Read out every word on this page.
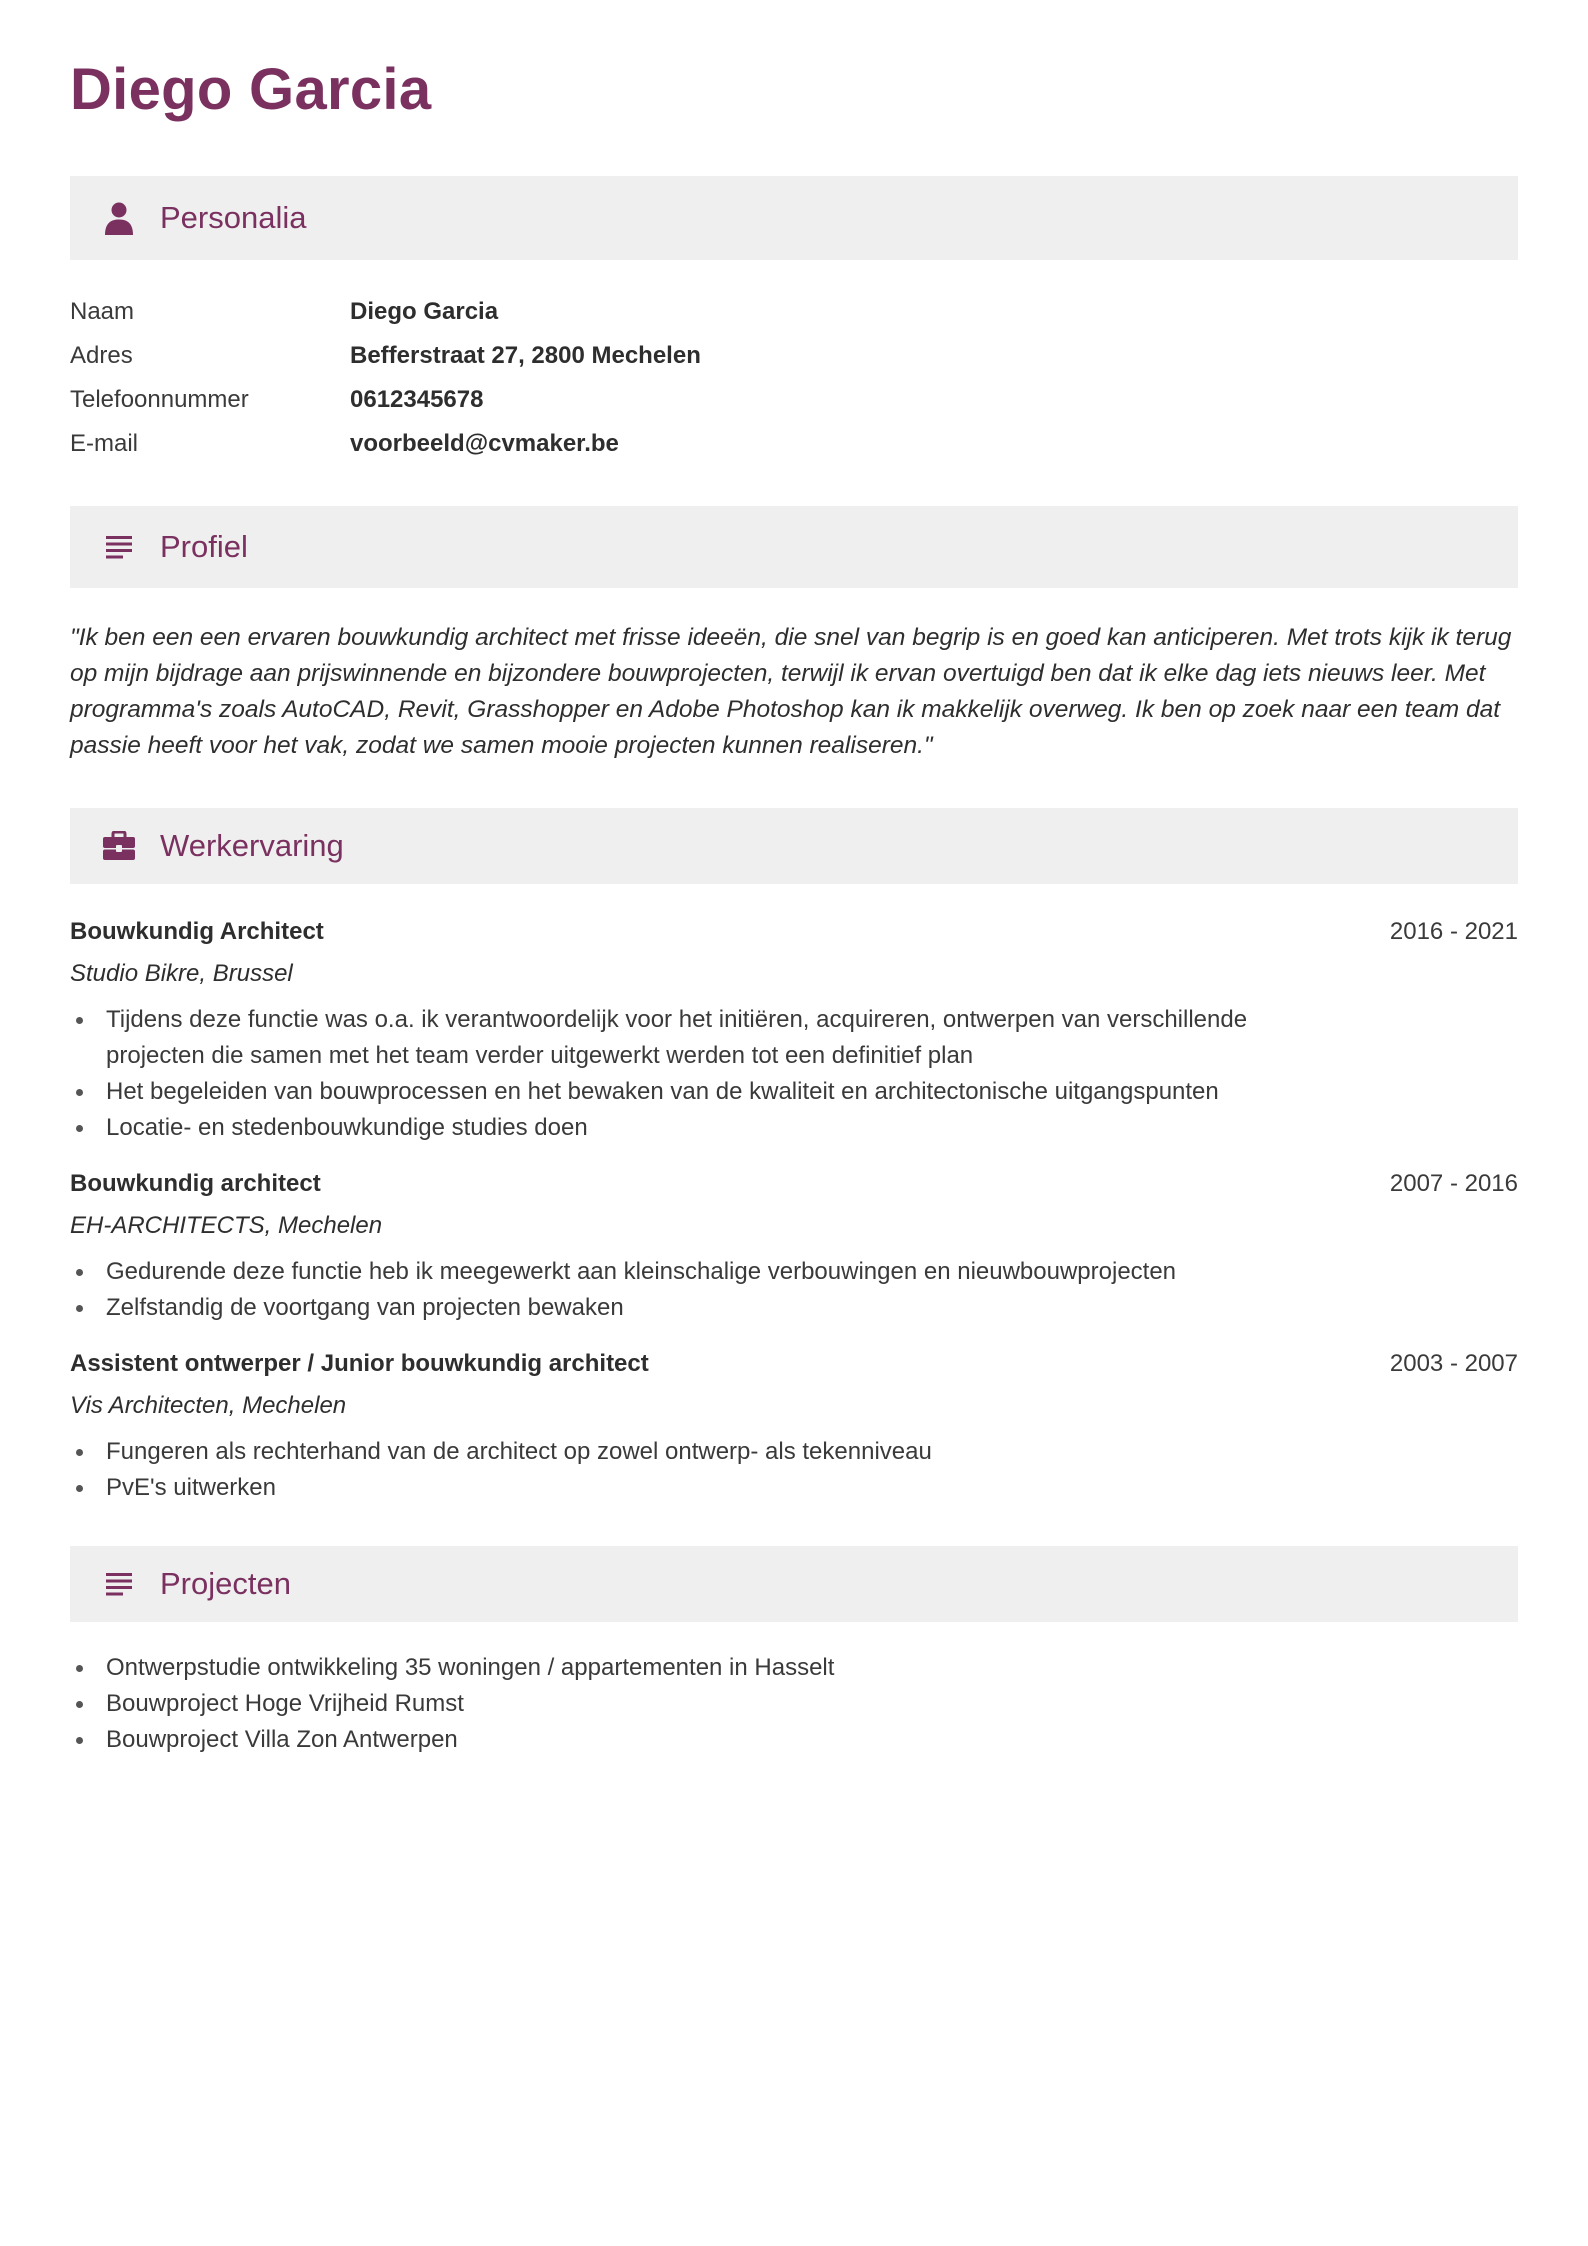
Diego Garcia
Personalia
Naam	Diego Garcia
Adres	Befferstraat 27, 2800 Mechelen
Telefoonnummer	0612345678
E-mail	voorbeeld@cvmaker.be
Profiel
"Ik ben een een ervaren bouwkundig architect met frisse ideeën, die snel van begrip is en goed kan anticiperen. Met trots kijk ik terug op mijn bijdrage aan prijswinnende en bijzondere bouwprojecten, terwijl ik ervan overtuigd ben dat ik elke dag iets nieuws leer. Met programma's zoals AutoCAD, Revit, Grasshopper en Adobe Photoshop kan ik makkelijk overweg. Ik ben op zoek naar een team dat passie heeft voor het vak, zodat we samen mooie projecten kunnen realiseren."
Werkervaring
Bouwkundig Architect	2016 - 2021
Studio Bikre, Brussel
Tijdens deze functie was o.a. ik verantwoordelijk voor het initiëren, acquireren, ontwerpen van verschillende projecten die samen met het team verder uitgewerkt werden tot een definitief plan
Het begeleiden van bouwprocessen en het bewaken van de kwaliteit en architectonische uitgangspunten
Locatie- en stedenbouwkundige studies doen
Bouwkundig architect	2007 - 2016
EH-ARCHITECTS, Mechelen
Gedurende deze functie heb ik meegewerkt aan kleinschalige verbouwingen en nieuwbouwprojecten
Zelfstandig de voortgang van projecten bewaken
Assistent ontwerper / Junior bouwkundig architect	2003 - 2007
Vis Architecten, Mechelen
Fungeren als rechterhand van de architect op zowel ontwerp- als tekenniveau
PvE's uitwerken
Projecten
Ontwerpstudie ontwikkeling 35 woningen / appartementen in Hasselt
Bouwproject Hoge Vrijheid Rumst
Bouwproject Villa Zon Antwerpen
